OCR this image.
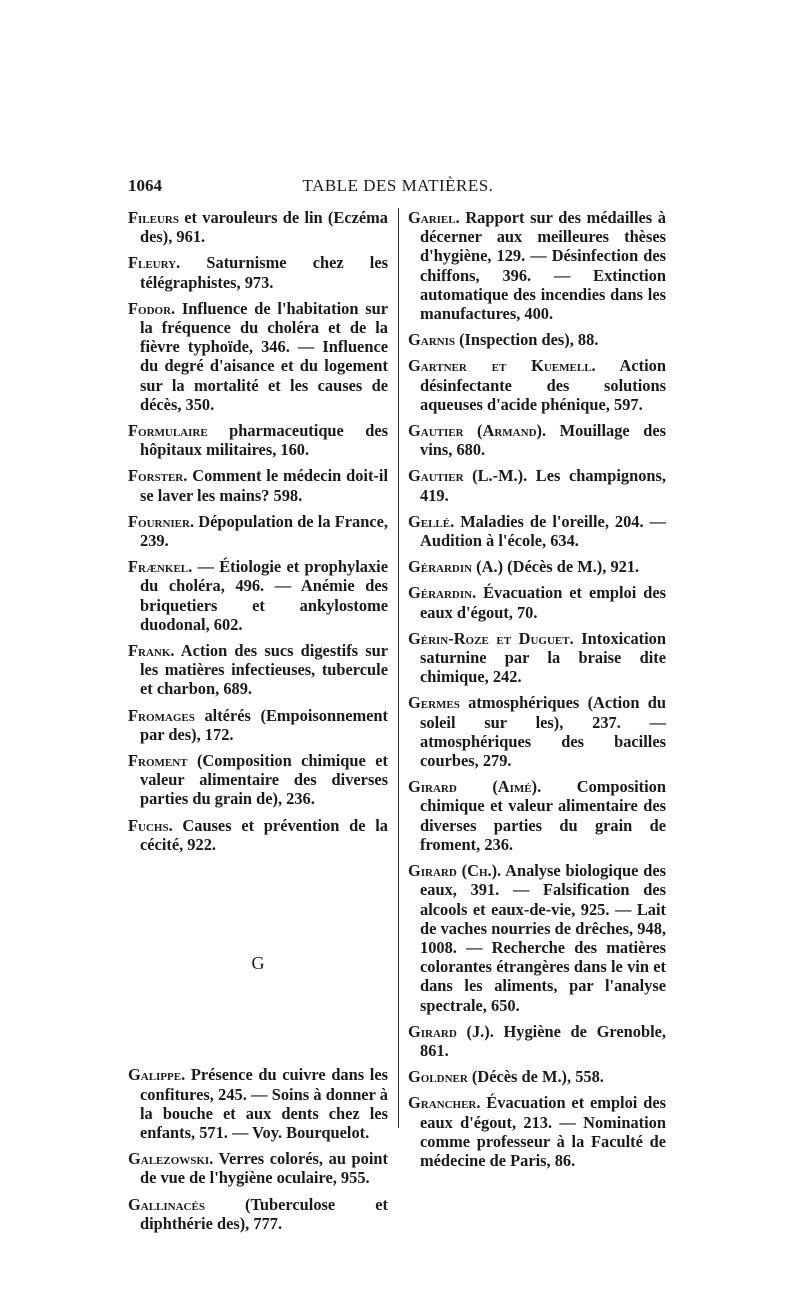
1064	TABLE DES MATIÈRES.

Fileurs et varouleurs de lin (Eczéma des), 961.

Fleury. Saturnisme chez les télégraphistes, 973.

Fodor. Influence de l'habitation sur la fréquence du choléra et de la fièvre typhoïde, 346. — Influence du degré d'aisance et du logement sur la mortalité et les causes de décès, 350.

Formulaire pharmaceutique des hôpitaux militaires, 160.

Forster. Comment le médecin doit-il se laver les mains? 598.

Fournier. Dépopulation de la France, 239.

Frænkel. — Étiologie et prophylaxie du choléra, 496. — Anémie des briquetiers et ankylostome duodonal, 602.

Frank. Action des sucs digestifs sur les matières infectieuses, tubercule et charbon, 689.

Fromages altérés (Empoisonnement par des), 172.

Froment (Composition chimique et valeur alimentaire des diverses parties du grain de), 236.

Fuchs. Causes et prévention de la cécité, 922.

G

Galippe. Présence du cuivre dans les confitures, 245. — Soins à donner à la bouche et aux dents chez les enfants, 571. — Voy. Bourquelot.

Galezowski. Verres colorés, au point de vue de l'hygiène oculaire, 955.

Gallinacés (Tuberculose et diphthérie des), 777.

Gariel. Rapport sur des médailles à décerner aux meilleures thèses d'hygiène, 129. — Désinfection des chiffons, 396. — Extinction automatique des incendies dans les manufactures, 400.

Garnis (Inspection des), 88.

Gartner et Kuemell. Action désinfectante des solutions aqueuses d'acide phénique, 597.

Gautier (Armand). Mouillage des vins, 680.

Gautier (L.-M.). Les champignons, 419.

Gellé. Maladies de l'oreille, 204. — Audition à l'école, 634.

Gérardin (A.) (Décès de M.), 921.

Gérardin. Évacuation et emploi des eaux d'égout, 70.

Gérin-Roze et Duguet. Intoxication saturnine par la braise dite chimique, 242.

Germes atmosphériques (Action du soleil sur les), 237. — atmosphériques des bacilles courbes, 279.

Girard (Aimé). Composition chimique et valeur alimentaire des diverses parties du grain de froment, 236.

Girard (Ch.). Analyse biologique des eaux, 391. — Falsification des alcools et eaux-de-vie, 925. — Lait de vaches nourries de drêches, 948, 1008. — Recherche des matières colorantes étrangères dans le vin et dans les aliments, par l'analyse spectrale, 650.

Girard (J.). Hygiène de Grenoble, 861.

Goldner (Décès de M.), 558.

Grancher. Évacuation et emploi des eaux d'égout, 213. — Nomination comme professeur à la Faculté de médecine de Paris, 86.
